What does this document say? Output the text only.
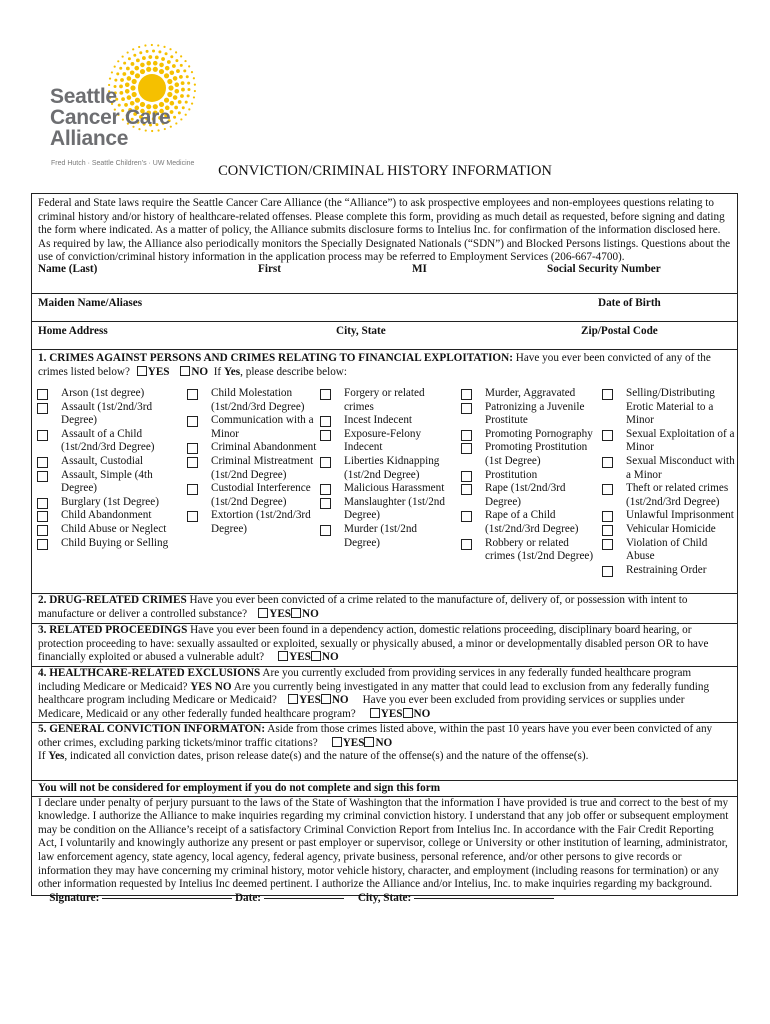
Seattle
Cancer Care
Alliance
Fred Hutch · Seattle Children’s · UW Medicine	CONVICTION/CRIMINAL HISTORY INFORMATION
Federal and State laws require the Seattle Cancer Care Alliance (the “Alliance”) to ask prospective employees and non-employees questions relating to criminal history and/or history of healthcare-related offenses. Please complete this form, providing as much detail as requested, before signing and dating the form where indicated. As a matter of policy, the Alliance submits disclosure forms to Intelius Inc. for confirmation of the information disclosed here. As required by law, the Alliance also periodically monitors the Specially Designated Nationals (“SDN”) and Blocked Persons listings. Questions about the use of conviction/criminal history information in the application process may be referred to Employment Services (206-667-4700).
Name (Last)	First	MI	Social Security Number
Maiden Name/Aliases	Date of Birth
Home Address	City, State	Zip/Postal Code
1. CRIMES AGAINST PERSONS AND CRIMES RELATING TO FINANCIAL EXPLOITATION: Have you ever been convicted of any of the crimes listed below? YES NO If Yes, please describe below:
Arson (1st degree)
Assault (1st/2nd/3rd Degree)
Assault of a Child (1st/2nd/3rd Degree)
Assault, Custodial
Assault, Simple (4th Degree)
Burglary (1st Degree)
Child Abandonment
Child Abuse or Neglect
Child Buying or Selling
Child Molestation (1st/2nd/3rd Degree)
Communication with a Minor
Criminal Abandonment
Criminal Mistreatment (1st/2nd Degree)
Custodial Interference (1st/2nd Degree)
Extortion (1st/2nd/3rd Degree)
Forgery or related crimes
Incest Indecent
Exposure-Felony Indecent
Liberties Kidnapping (1st/2nd Degree)
Malicious Harassment
Manslaughter (1st/2nd Degree)
Murder (1st/2nd Degree)
Murder, Aggravated
Patronizing a Juvenile Prostitute
Promoting Pornography
Promoting Prostitution (1st Degree)
Prostitution
Rape (1st/2nd/3rd Degree)
Rape of a Child (1st/2nd/3rd Degree)
Robbery or related crimes (1st/2nd Degree)
Selling/Distributing Erotic Material to a Minor
Sexual Exploitation of a Minor
Sexual Misconduct with a Minor
Theft or related crimes (1st/2nd/3rd Degree)
Unlawful Imprisonment
Vehicular Homicide
Violation of Child Abuse
Restraining Order
2. DRUG-RELATED CRIMES Have you ever been convicted of a crime related to the manufacture of, delivery of, or possession with intent to manufacture or deliver a controlled substance? YES NO
3. RELATED PROCEEDINGS Have you ever been found in a dependency action, domestic relations proceeding, disciplinary board hearing, or protection proceeding to have: sexually assaulted or exploited, sexually or physically abused, a minor or developmentally disabled person OR to have financially exploited or abused a vulnerable adult? YES NO
4. HEALTHCARE-RELATED EXCLUSIONS Are you currently excluded from providing services in any federally funded healthcare program including Medicare or Medicaid? YES NO Are you currently being investigated in any matter that could lead to exclusion from any federally funding healthcare program including Medicare or Medicaid? YES NO Have you ever been excluded from providing services or supplies under Medicare, Medicaid or any other federally funded healthcare program? YES NO
5. GENERAL CONVICTION INFORMATON: Aside from those crimes listed above, within the past 10 years have you ever been convicted of any other crimes, excluding parking tickets/minor traffic citations? YES NO
If Yes, indicated all conviction dates, prison release date(s) and the nature of the offense(s) and the nature of the offense(s).
You will not be considered for employment if you do not complete and sign this form
I declare under penalty of perjury pursuant to the laws of the State of Washington that the information I have provided is true and correct to the best of my knowledge. I authorize the Alliance to make inquiries regarding my criminal conviction history. I understand that any job offer or subsequent employment may be condition on the Alliance’s receipt of a satisfactory Criminal Conviction Report from Intelius Inc. In accordance with the Fair Credit Reporting Act, I voluntarily and knowingly authorize any present or past employer or supervisor, college or University or other institution of learning, administrator, law enforcement agency, state agency, local agency, federal agency, private business, personal reference, and/or other persons to give records or information they may have concerning my criminal history, motor vehicle history, character, and employment (including reasons for termination) or any other information requested by Intelius Inc deemed pertinent. I authorize the Alliance and/or Intelius, Inc. to make inquiries regarding my background.     Signature:	Date:	City, State:
